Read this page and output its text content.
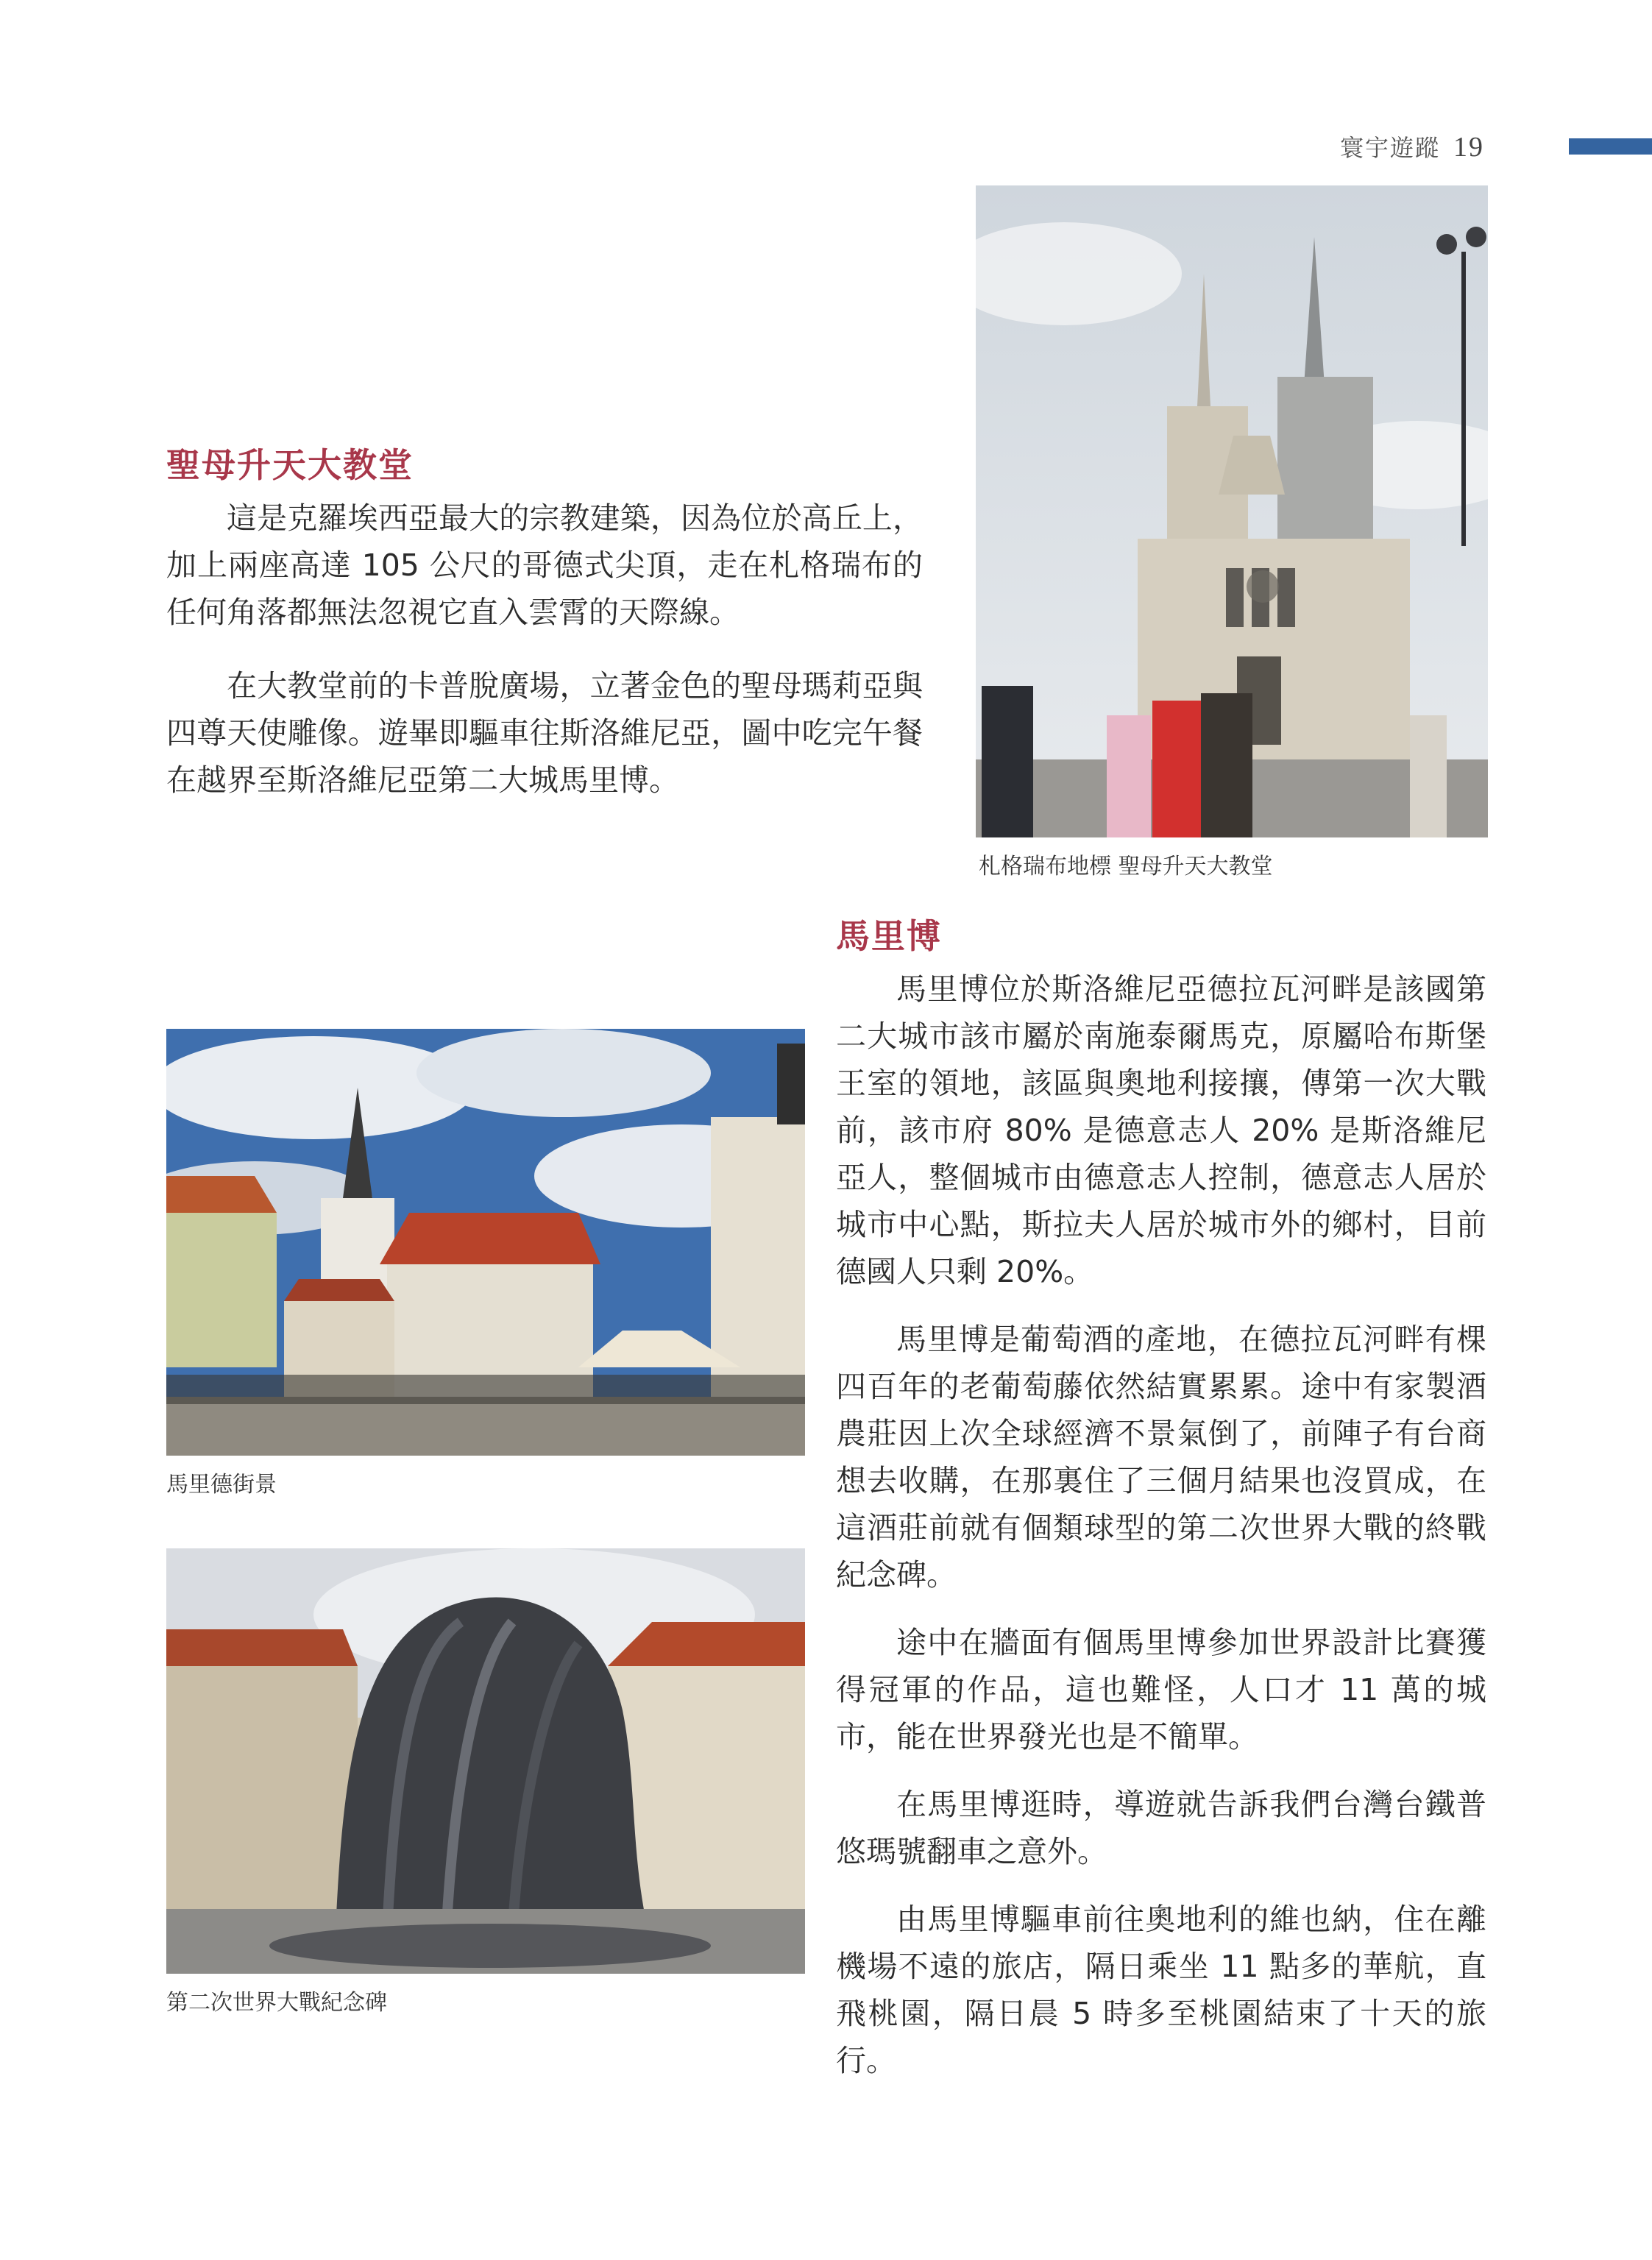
寰宇遊蹤 19
札格瑞布地標 聖母升天大教堂
聖母升天大教堂

這是克羅埃西亞最大的宗教建築，因為位於高丘上，加上兩座高達 105 公尺的哥德式尖頂，走在札格瑞布的任何角落都無法忽視它直入雲霄的天際線。

在大教堂前的卡普脫廣場，立著金色的聖母瑪莉亞與四尊天使雕像。遊畢即驅車往斯洛維尼亞，圖中吃完午餐在越界至斯洛維尼亞第二大城馬里博。

馬里博

馬里博位於斯洛維尼亞德拉瓦河畔是該國第二大城市該市屬於南施泰爾馬克，原屬哈布斯堡王室的領地，該區與奧地利接攘，傳第一次大戰前，該市府 80% 是德意志人 20% 是斯洛維尼亞人，整個城市由德意志人控制，德意志人居於城市中心點，斯拉夫人居於城市外的鄉村，目前德國人只剩 20%。

馬里博是葡萄酒的產地，在德拉瓦河畔有棵四百年的老葡萄藤依然結實累累。途中有家製酒農莊因上次全球經濟不景氣倒了，前陣子有台商想去收購，在那裏住了三個月結果也沒買成，在這酒莊前就有個類球型的第二次世界大戰的終戰紀念碑。

途中在牆面有個馬里博參加世界設計比賽獲得冠軍的作品，這也難怪，人口才 11 萬的城市，能在世界發光也是不簡單。

在馬里博逛時，導遊就告訴我們台灣台鐵普悠瑪號翻車之意外。

由馬里博驅車前往奧地利的維也納，住在離機場不遠的旅店，隔日乘坐 11 點多的華航，直飛桃園，隔日晨 5 時多至桃園結束了十天的旅行。

馬里德街景
第二次世界大戰紀念碑
